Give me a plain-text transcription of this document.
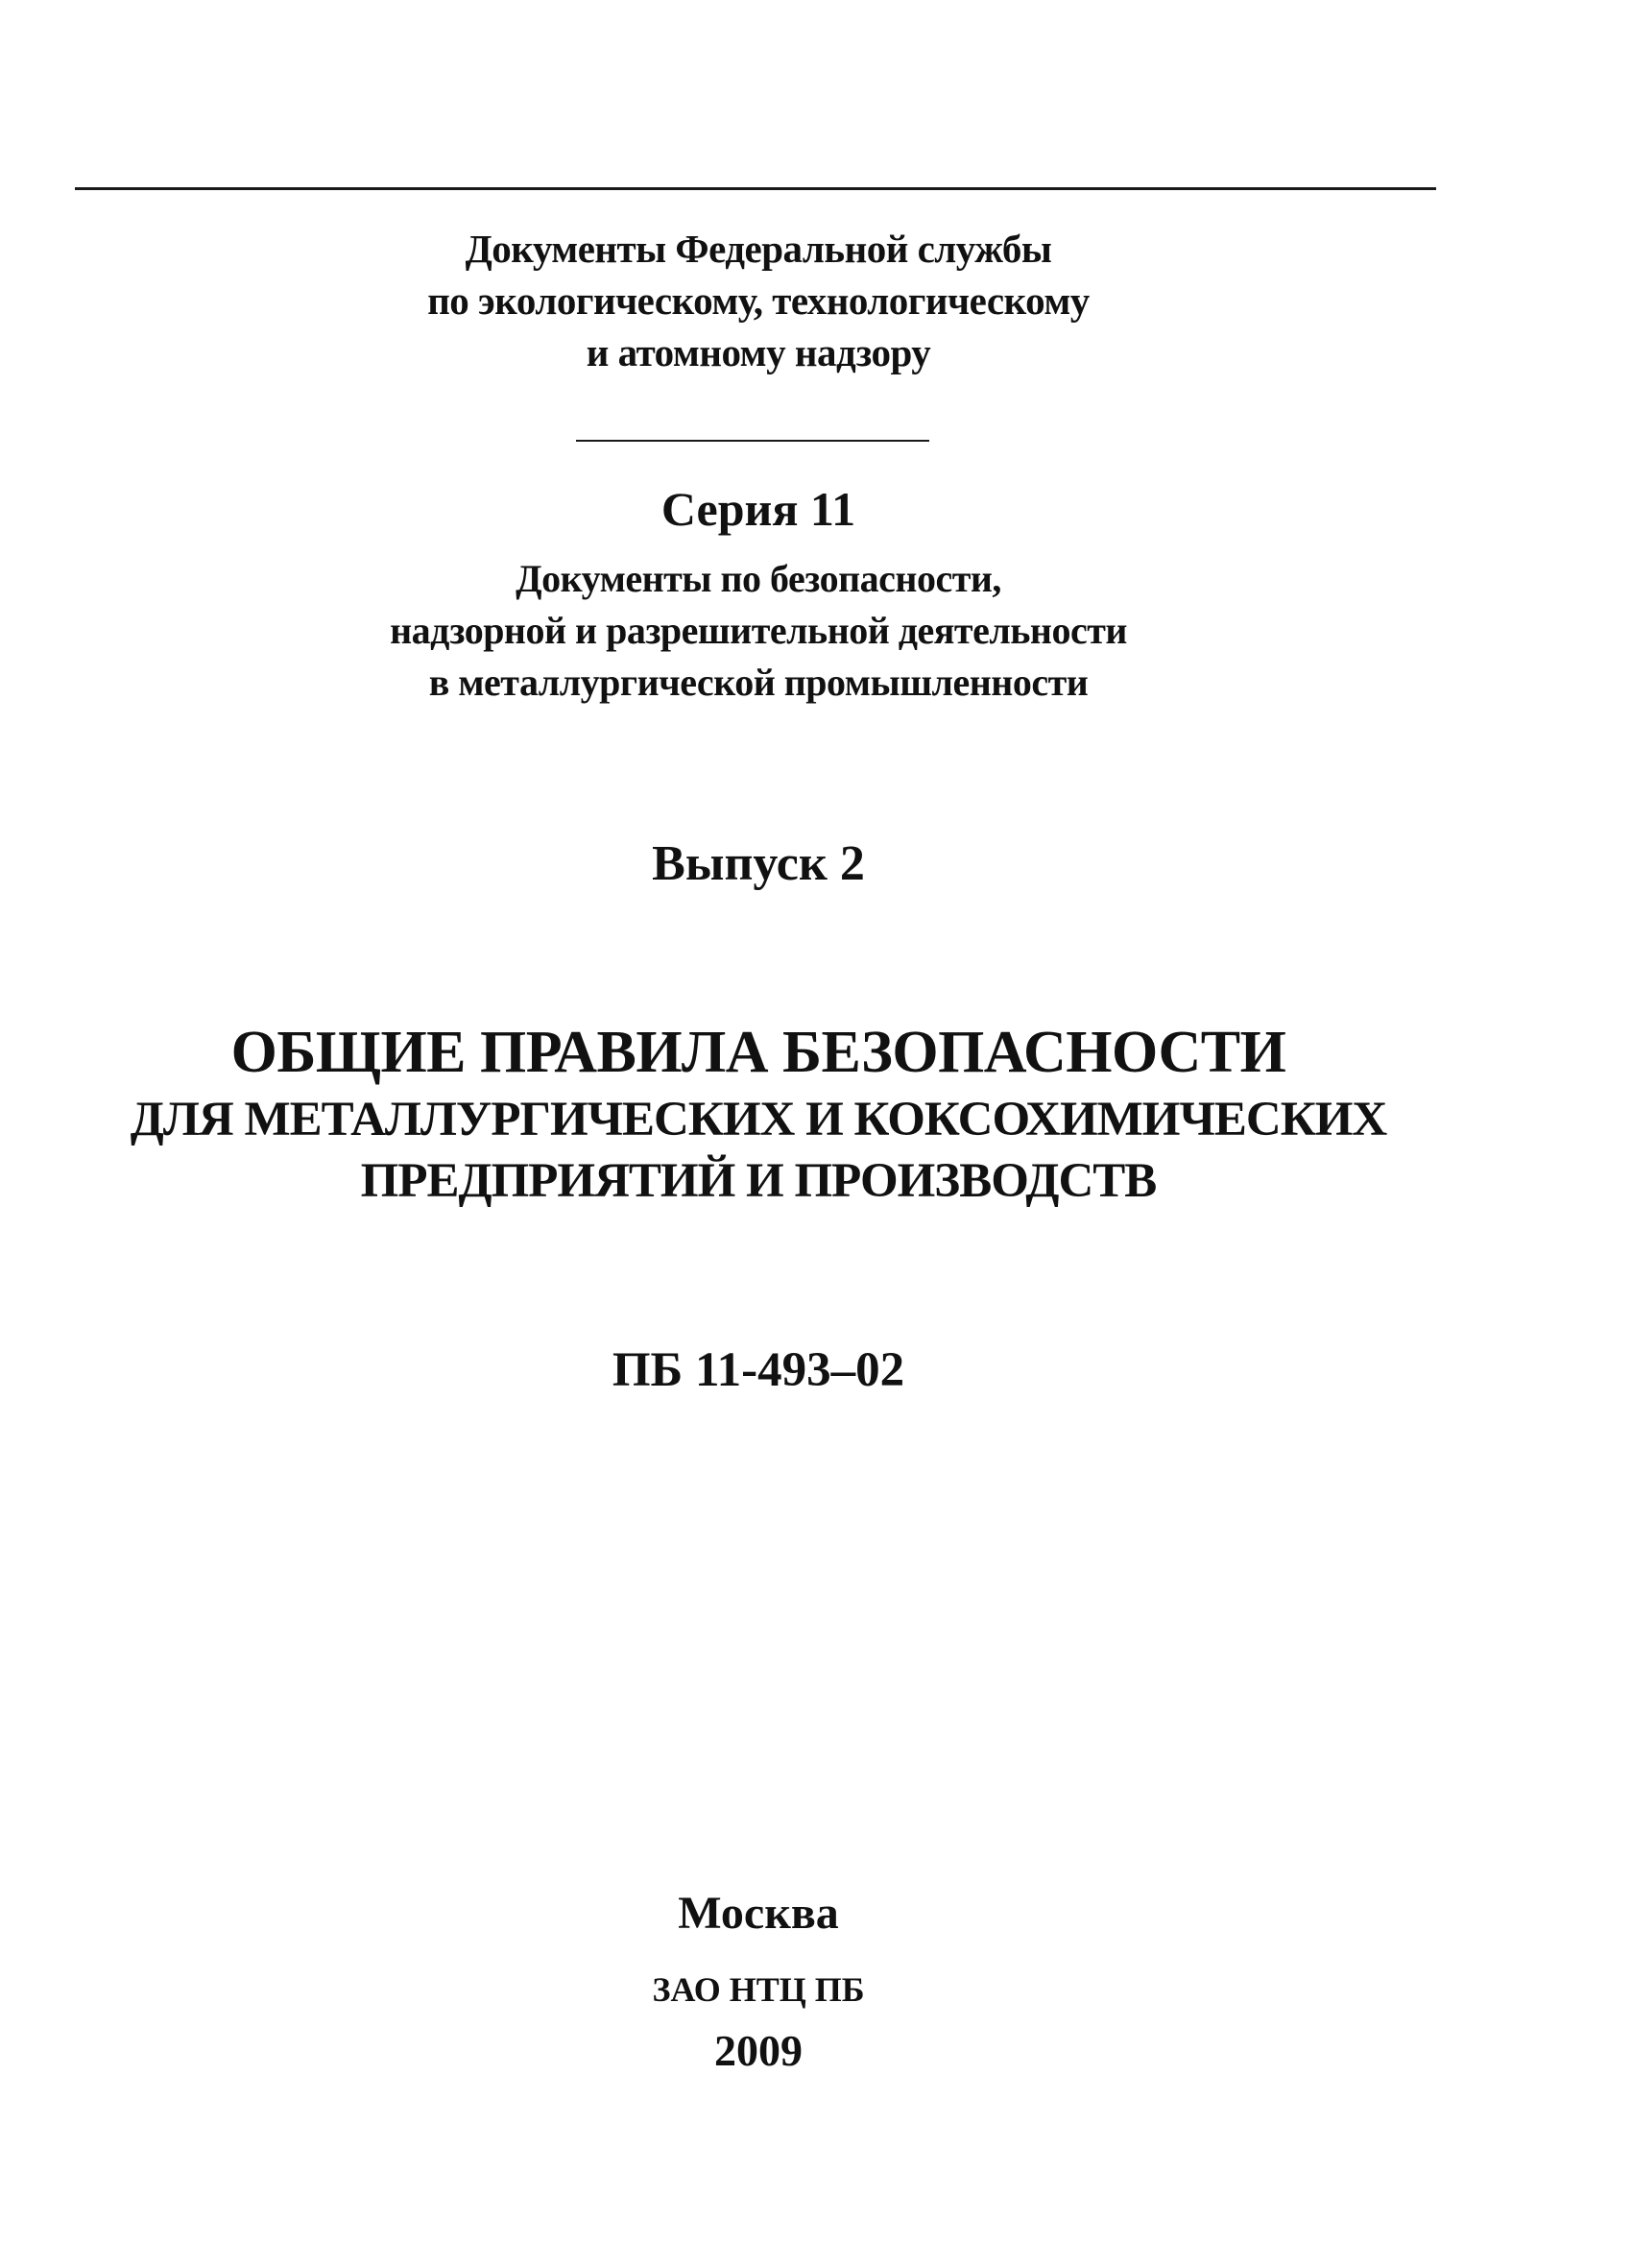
Документы Федеральной службы
по экологическому, технологическому
и атомному надзору
Серия 11
Документы по безопасности,
надзорной и разрешительной деятельности
в металлургической промышленности
Выпуск 2
ОБЩИЕ ПРАВИЛА БЕЗОПАСНОСТИ
ДЛЯ МЕТАЛЛУРГИЧЕСКИХ И КОКСОХИМИЧЕСКИХ
ПРЕДПРИЯТИЙ И ПРОИЗВОДСТВ
ПБ 11-493–02
Москва
ЗАО НТЦ ПБ
2009
